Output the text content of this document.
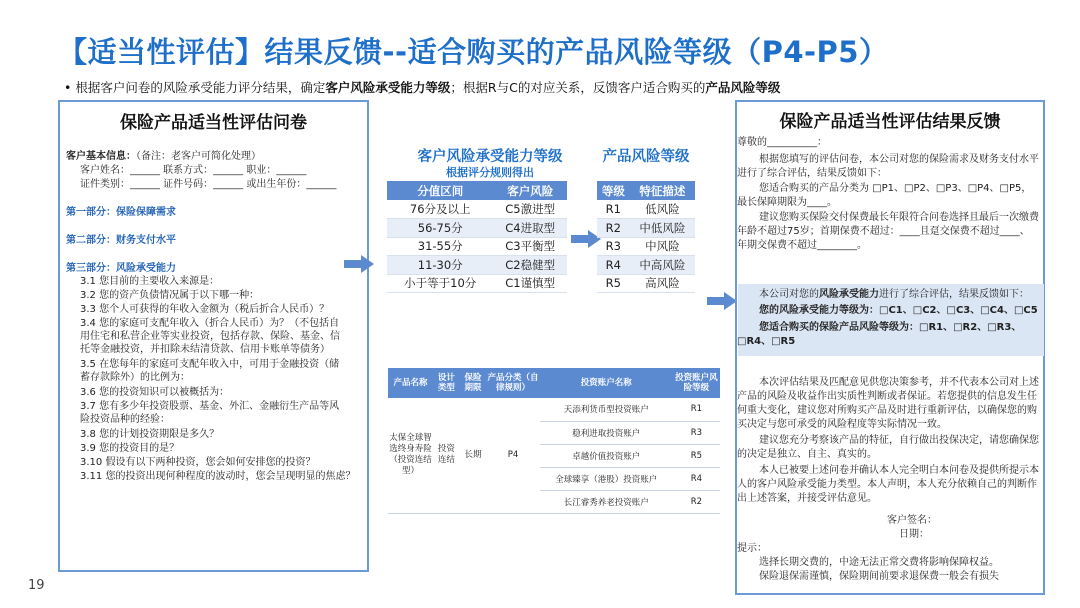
【适当性评估】结果反馈--适合购买的产品风险等级（P4-P5）
• 根据客户问卷的风险承受能力评分结果，确定客户风险承受能力等级；根据R与C的对应关系，反馈客户适合购买的产品风险等级
保险产品适当性评估问卷
客户基本信息：（备注：老客户可简化处理）
客户姓名：______ 联系方式：______ 职业：______
证件类别：______ 证件号码：______ 或出生年份：______
第一部分：保险保障需求
第二部分：财务支付水平
第三部分：风险承受能力
3.1 您目前的主要收入来源是：
3.2 您的资产负债情况属于以下哪一种：
3.3 您个人可获得的年收入金额为（税后折合人民币）？
3.4 您的家庭可支配年收入（折合人民币）为？（不包括自
用住宅和私营企业等实业投资，包括存款、保险、基金、信
托等金融投资，并扣除未结清贷款、信用卡账单等债务）
3.5 在您每年的家庭可支配年收入中，可用于金融投资（储
蓄存款除外）的比例为：
3.6 您的投资知识可以被概括为：
3.7 您有多少年投资股票、基金、外汇、金融衍生产品等风
险投资品种的经验：
3.8 您的计划投资期限是多久？
3.9 您的投资目的是？
3.10 假设有以下两种投资，您会如何安排您的投资？
3.11 您的投资出现何种程度的波动时，您会呈现明显的焦虑？
客户风险承受能力等级
根据评分规则得出
分值区间	客户风险
76分及以上	C5激进型
56-75分	C4进取型
31-55分	C3平衡型
11-30分	C2稳健型
小于等于10分	C1谨慎型
产品风险等级
等级	特征描述
R1	低风险
R2	中低风险
R3	中风险
R4	中高风险
R5	高风险
产品名称	设计类型	保险期限	产品分类（自律规则）	投资账户名称	投资账户风险等级
太保全球智选终身寿险（投资连结型）	投资连结	长期	P4	天添利货币型投资账户	R1
				稳利进取投资账户	R3
				卓越价值投资账户	R5
				全球臻享（港股）投资账户	R4
				长江睿秀养老投资账户	R2
保险产品适当性评估结果反馈
尊敬的__________：
根据您填写的评估问卷，本公司对您的保险需求及财务支付水平进行了综合评估，结果反馈如下：
您适合购买的产品分类为 □P1、□P2、□P3、□P4、□P5，最长保障期限为____。
建议您购买保险交付保费最长年限符合问卷选择且最后一次缴费年龄不超过75岁；首期保费不超过：____且趸交保费不超过____、年期交保费不超过________。
本公司对您的风险承受能力进行了综合评估，结果反馈如下：
您的风险承受能力等级为：□C1、□C2、□C3、□C4、□C5
您适合购买的保险产品风险等级为：□R1、□R2、□R3、□R4、□R5
本次评估结果及匹配意见供您决策参考，并不代表本公司对上述产品的风险及收益作出实质性判断或者保证。若您提供的信息发生任何重大变化，建议您对所购买产品及时进行重新评估，以确保您的购买决定与您可承受的风险程度等实际情况一致。
建议您充分考察该产品的特征，自行做出投保决定，请您确保您的决定是独立、自主、真实的。
本人已被要上述问卷并确认本人完全明白本问卷及提供所提示本人的客户风险承受能力类型。本人声明，本人充分依赖自己的判断作出上述答案，并接受评估意见。
客户签名：
日期：
提示：
选择长期交费的，中途无法正常交费将影响保障权益。
保险退保需谨慎，保险期间前要求退保费一般会有损失
19
